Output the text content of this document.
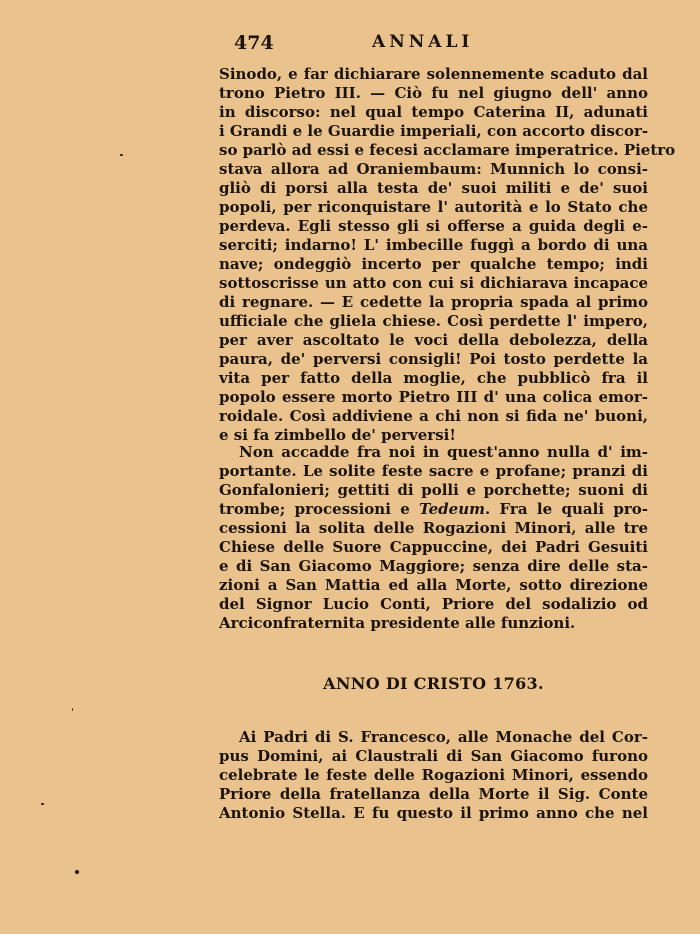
474	ANNALI
Sinodo, e far dichiarare solennemente scaduto dal
trono Pietro III. — Ciò fu nel giugno dell' anno
in discorso: nel qual tempo Caterina II, adunati
i Grandi e le Guardie imperiali, con accorto discor-
so parlò ad essi e fecesi acclamare imperatrice. Pietro
stava allora ad Oraniembaum: Munnich lo consi-
gliò di porsi alla testa de' suoi militi e de' suoi
popoli, per riconquistare l' autorità e lo Stato che
perdeva. Egli stesso gli si offerse a guida degli e-
serciti; indarno! L' imbecille fuggì a bordo di una
nave; ondeggiò incerto per qualche tempo; indi
sottoscrisse un atto con cui si dichiarava incapace
di regnare. — E cedette la propria spada al primo
ufficiale che gliela chiese. Così perdette l' impero,
per aver ascoltato le voci della debolezza, della
paura, de' perversi consigli! Poi tosto perdette la
vita per fatto della moglie, che pubblicò fra il
popolo essere morto Pietro III d' una colica emor-
roidale. Così addiviene a chi non si fida ne' buoni,
e si fa zimbello de' perversi!
Non accadde fra noi in quest'anno nulla d' im-
portante. Le solite feste sacre e profane; pranzi di
Gonfalonieri; gettiti di polli e porchette; suoni di
trombe; processioni e Tedeum. Fra le quali pro-
cessioni la solita delle Rogazioni Minori, alle tre
Chiese delle Suore Cappuccine, dei Padri Gesuiti
e di San Giacomo Maggiore; senza dire delle sta-
zioni a San Mattia ed alla Morte, sotto direzione
del Signor Lucio Conti, Priore del sodalizio od
Arciconfraternita presidente alle funzioni.
ANNO DI CRISTO 1763.
Ai Padri di S. Francesco, alle Monache del Cor-
pus Domini, ai Claustrali di San Giacomo furono
celebrate le feste delle Rogazioni Minori, essendo
Priore della fratellanza della Morte il Sig. Conte
Antonio Stella. E fu questo il primo anno che nel
